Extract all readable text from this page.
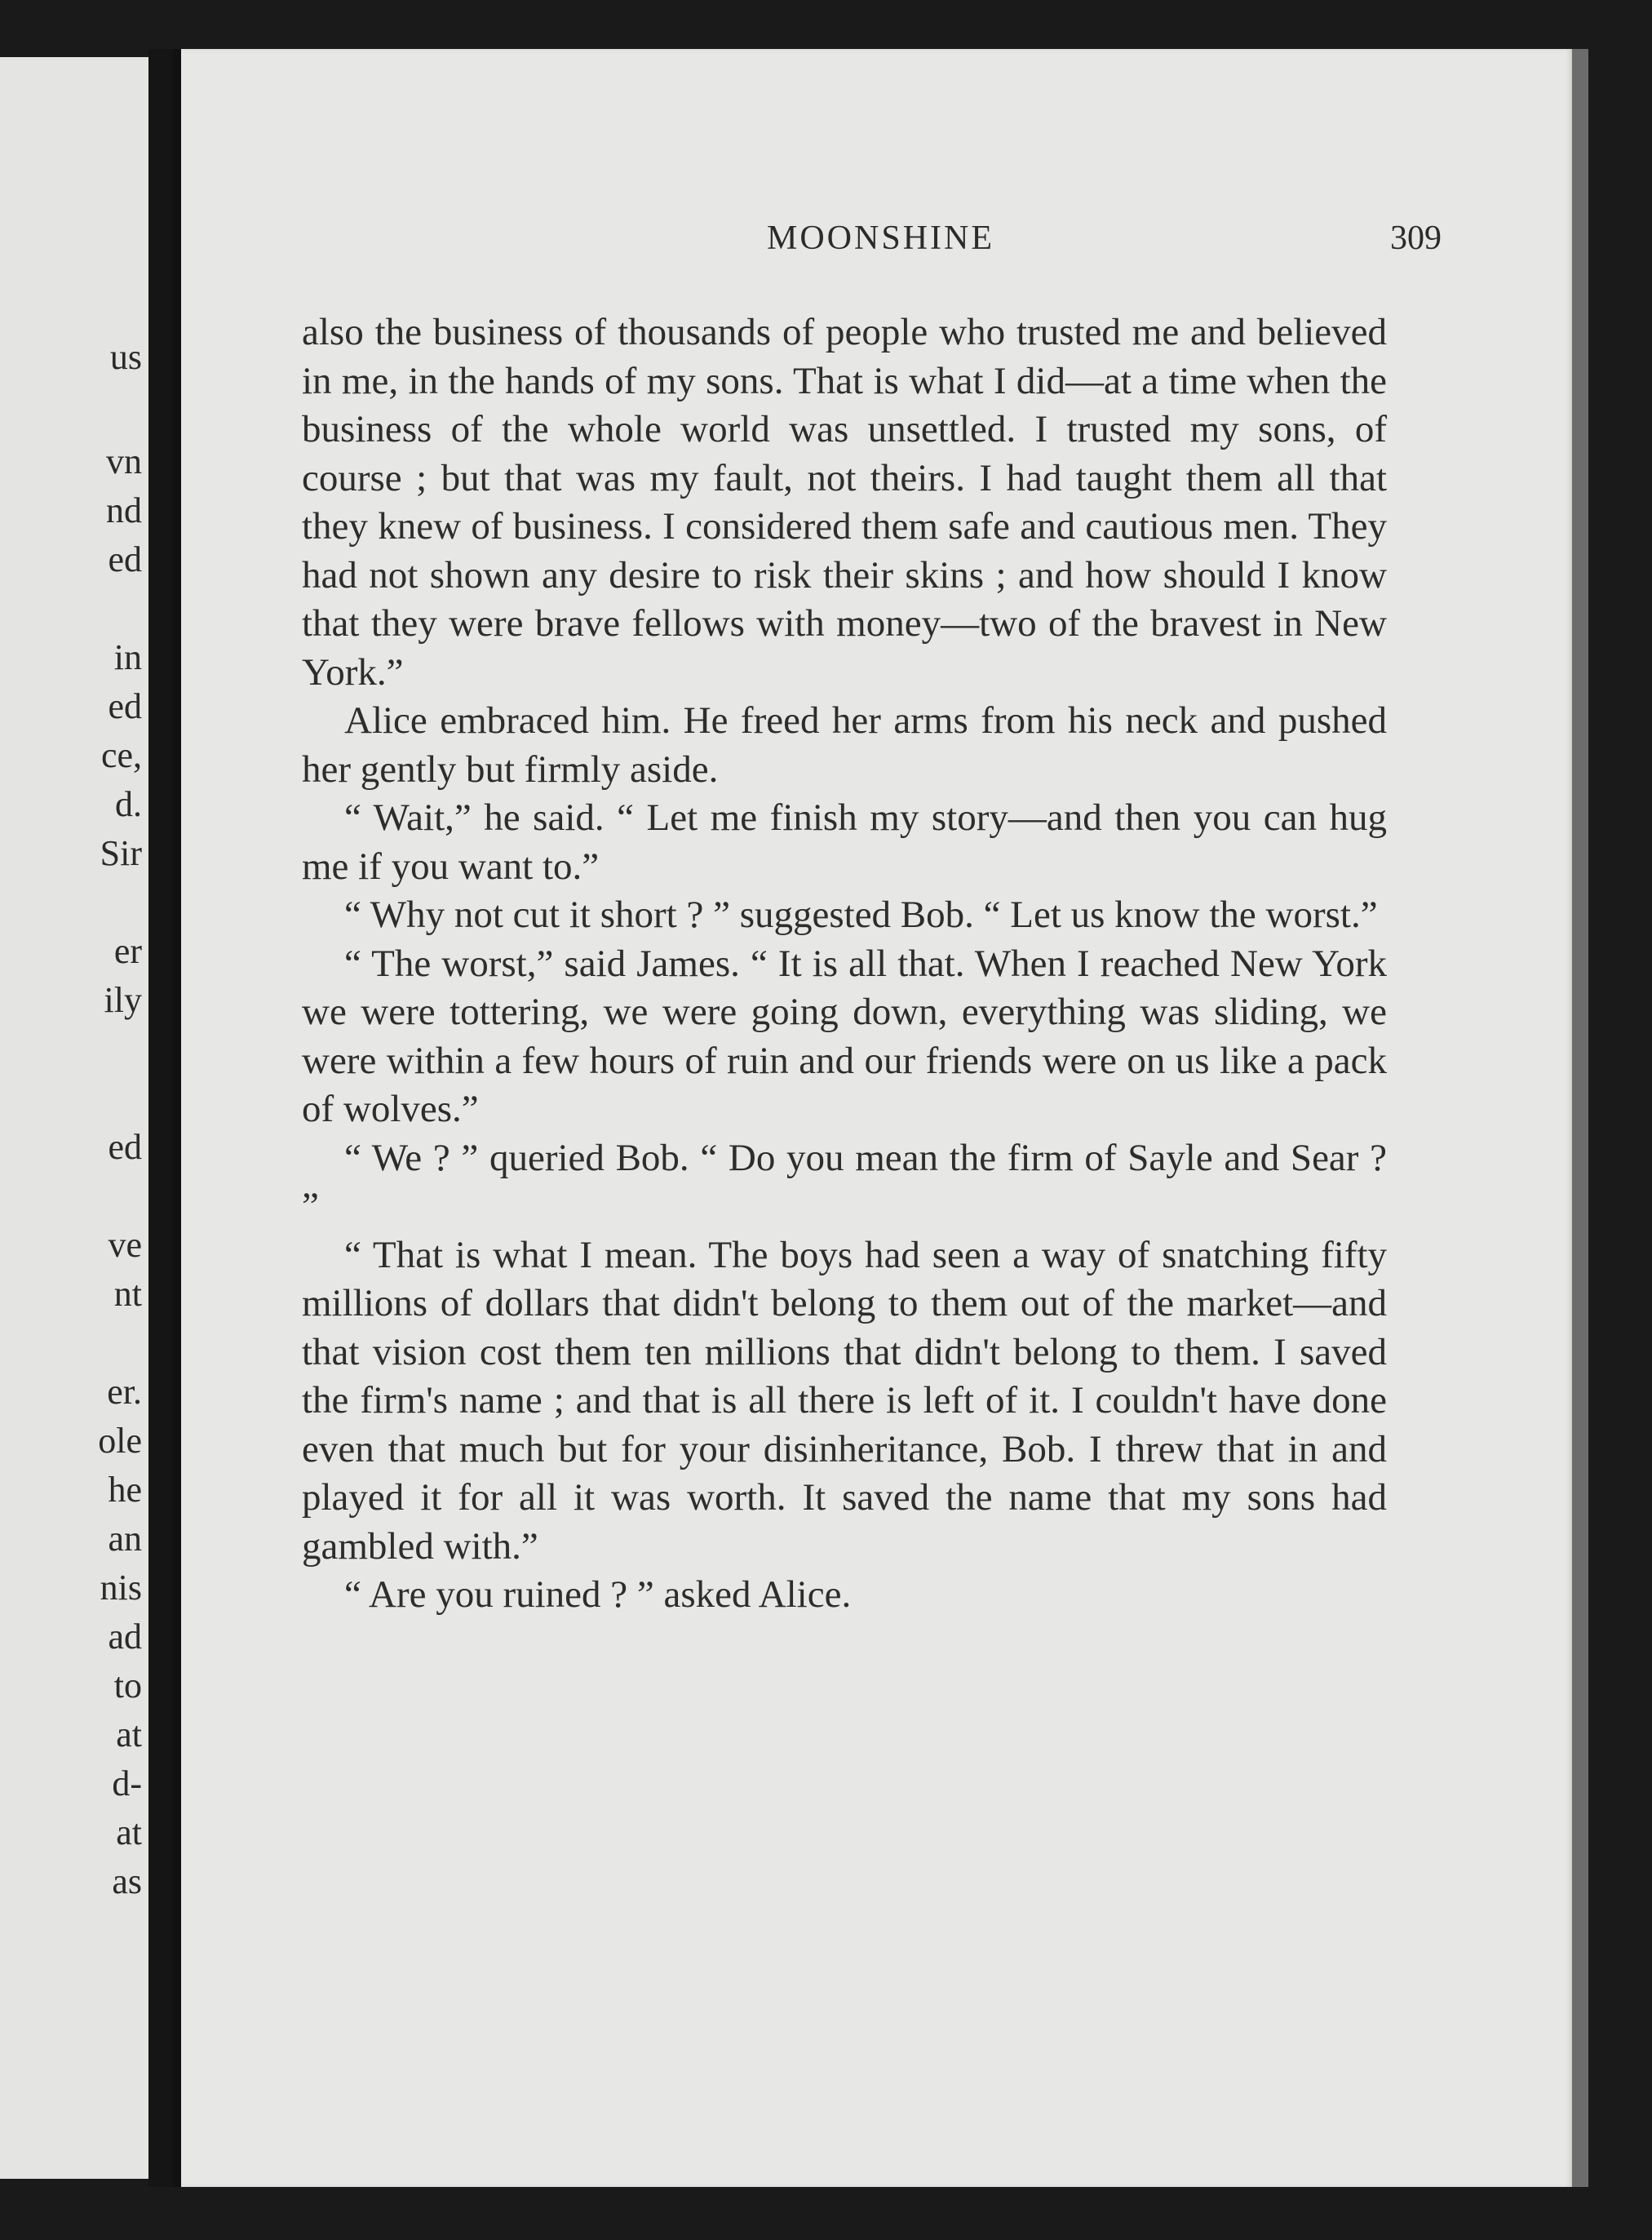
us
vn
nd
ed
in
ed
ce,
d.
Sir
er
ily
ed
ve
nt
er.
ole
he
an
nis
ad
to
at
d-
at
as
MOONSHINE	309

also the business of thousands of people who trusted me and believed in me, in the hands of my sons. That is what I did—at a time when the business of the whole world was unsettled. I trusted my sons, of course ; but that was my fault, not theirs. I had taught them all that they knew of business. I considered them safe and cautious men. They had not shown any desire to risk their skins ; and how should I know that they were brave fellows with money—two of the bravest in New York.”

Alice embraced him. He freed her arms from his neck and pushed her gently but firmly aside.

“ Wait,” he said. “ Let me finish my story—and then you can hug me if you want to.”

“ Why not cut it short ? ” suggested Bob. “ Let us know the worst.”

“ The worst,” said James. “ It is all that. When I reached New York we were tottering, we were going down, everything was sliding, we were within a few hours of ruin and our friends were on us like a pack of wolves.”

“ We ? ” queried Bob. “ Do you mean the firm of Sayle and Sear ? ”

“ That is what I mean. The boys had seen a way of snatching fifty millions of dollars that didn't belong to them out of the market—and that vision cost them ten millions that didn't belong to them. I saved the firm's name ; and that is all there is left of it. I couldn't have done even that much but for your disinheritance, Bob. I threw that in and played it for all it was worth. It saved the name that my sons had gambled with.”

“ Are you ruined ? ” asked Alice.
